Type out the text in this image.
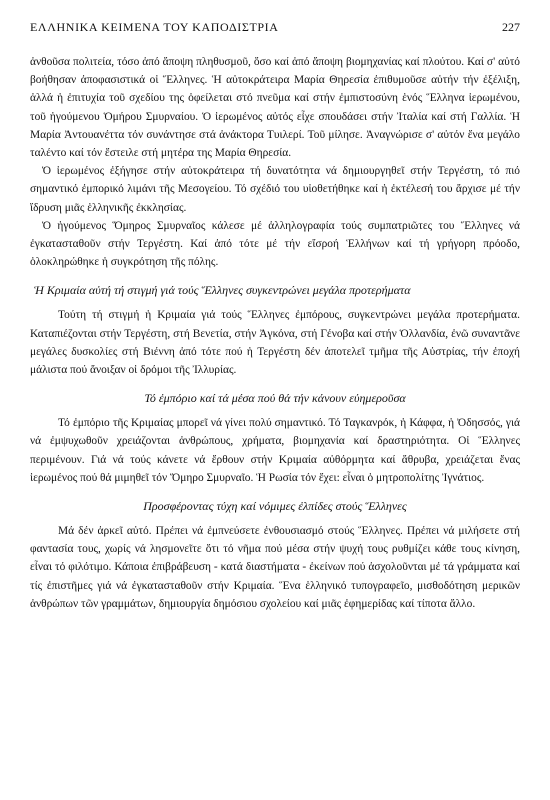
ΕΛΛΗΝΙΚΑ ΚΕΙΜΕΝΑ ΤΟΥ ΚΑΠΟΔΙΣΤΡΙΑ	227

ἀνθοῦσα πολιτεία, τόσο ἀπό ἄποψη πληθυσμοῦ, ὅσο καί ἀπό ἄποψη βιομηχανίας καί πλούτου. Καί σ' αὐτό βοήθησαν ἀποφασιστικά οἱ Ἕλληνες. Ἡ αὐτοκράτειρα Μαρία Θηρεσία ἐπιθυμοῦσε αὐτήν τήν ἐξέλιξη, ἀλλά ἡ ἐπιτυχία τοῦ σχεδίου της ὀφείλεται στό πνεῦμα καί στήν ἐμπιστοσύνη ἑνός Ἕλληνα ἱερωμένου, τοῦ ἡγούμενου Ὁμήρου Σμυρναίου. Ὁ ἱερωμένος αὐτός εἶχε σπουδάσει στήν Ἰταλία καί στή Γαλλία. Ἡ Μαρία Ἀντουανέττα τόν συνάντησε στά ἀνάκτορα Τυιλερί. Τοῦ μίλησε. Ἀναγνώρισε σ' αὐτόν ἕνα μεγάλο ταλέντο καί τόν ἔστειλε στή μητέρα της Μαρία Θηρεσία.

Ὁ ἱερωμένος ἐξήγησε στήν αὐτοκράτειρα τή δυνατότητα νά δημιουργηθεῖ στήν Τεργέστη, τό πιό σημαντικό ἐμπορικό λιμάνι τῆς Μεσογείου. Τό σχέδιό του υἱοθετήθηκε καί ἡ ἐκτέλεσή του ἄρχισε μέ τήν ἵδρυση μιᾶς ἑλληνικῆς ἐκκλησίας.

Ὁ ἡγούμενος Ὅμηρος Σμυρναῖος κάλεσε μέ ἀλληλογραφία τούς συμπατριῶτες του Ἕλληνες νά ἐγκατασταθοῦν στήν Τεργέστη. Καί ἀπό τότε μέ τήν εἴσροή Ἑλλήνων καί τή γρήγορη πρόοδο, ὁλοκληρώθηκε ἡ συγκρότηση τῆς πόλης.

Ἡ Κριμαία αὐτή τή στιγμή γιά τούς Ἕλληνες συγκεντρώνει μεγάλα προτερήματα

Τούτη τή στιγμή ἡ Κριμαία γιά τούς Ἕλληνες ἐμπόρους, συγκεντρώνει μεγάλα προτερήματα. Καταπιέζονται στήν Τεργέστη, στή Βενετία, στήν Ἀγκόνα, στή Γένοβα καί στήν Ὁλλανδία, ἐνῶ συναντᾶνε μεγάλες δυσκολίες στή Βιέννη ἀπό τότε πού ἡ Τεργέστη δέν ἀποτελεῖ τμῆμα τῆς Αὐστρίας, τήν ἐποχή μάλιστα πού ἄνοιξαν οἱ δρόμοι τῆς Ἰλλυρίας.

Τό ἐμπόριο καί τά μέσα πού θά τήν κάνουν εὐημεροῦσα

Τό ἐμπόριο τῆς Κριμαίας μπορεῖ νά γίνει πολύ σημαντικό. Τό Ταγκανρόκ, ἡ Κάφφα, ἡ Ὀδησσός, γιά νά ἐμψυχωθοῦν χρειάζονται ἀνθρώπους, χρήματα, βιομηχανία καί δραστηριότητα. Οἱ Ἕλληνες περιμένουν. Γιά νά τούς κάνετε νά ἔρθουν στήν Κριμαία αὐθόρμητα καί ἄθρυβα, χρειάζεται ἕνας ἱερωμένος πού θά μιμηθεῖ τόν Ὅμηρο Σμυρναῖο. Ἡ Ρωσία τόν ἔχει: εἶναι ὁ μητροπολίτης Ἰγνάτιος.

Προσφέροντας τύχη καί νόμιμες ἐλπίδες στούς Ἕλληνες

Μά δέν ἀρκεῖ αὐτό. Πρέπει νά ἐμπνεύσετε ἐνθουσιασμό στούς Ἕλληνες. Πρέπει νά μιλήσετε στή φαντασία τους, χωρίς νά λησμονεῖτε ὅτι τό νῆμα πού μέσα στήν ψυχή τους ρυθμίζει κάθε τους κίνηση, εἶναι τό φιλότιμο. Κάποια ἐπιβράβευση - κατά διαστήματα - ἐκείνων πού ἀσχολοῦνται μέ τά γράμματα καί τίς ἐπιστῆμες γιά νά ἐγκατασταθοῦν στήν Κριμαία. Ἕνα ἑλληνικό τυπογραφεῖο, μισθοδότηση μερικῶν ἀνθρώπων τῶν γραμμάτων, δημιουργία δημόσιου σχολείου καί μιᾶς ἐφημερίδας καί τίποτα ἄλλο.
